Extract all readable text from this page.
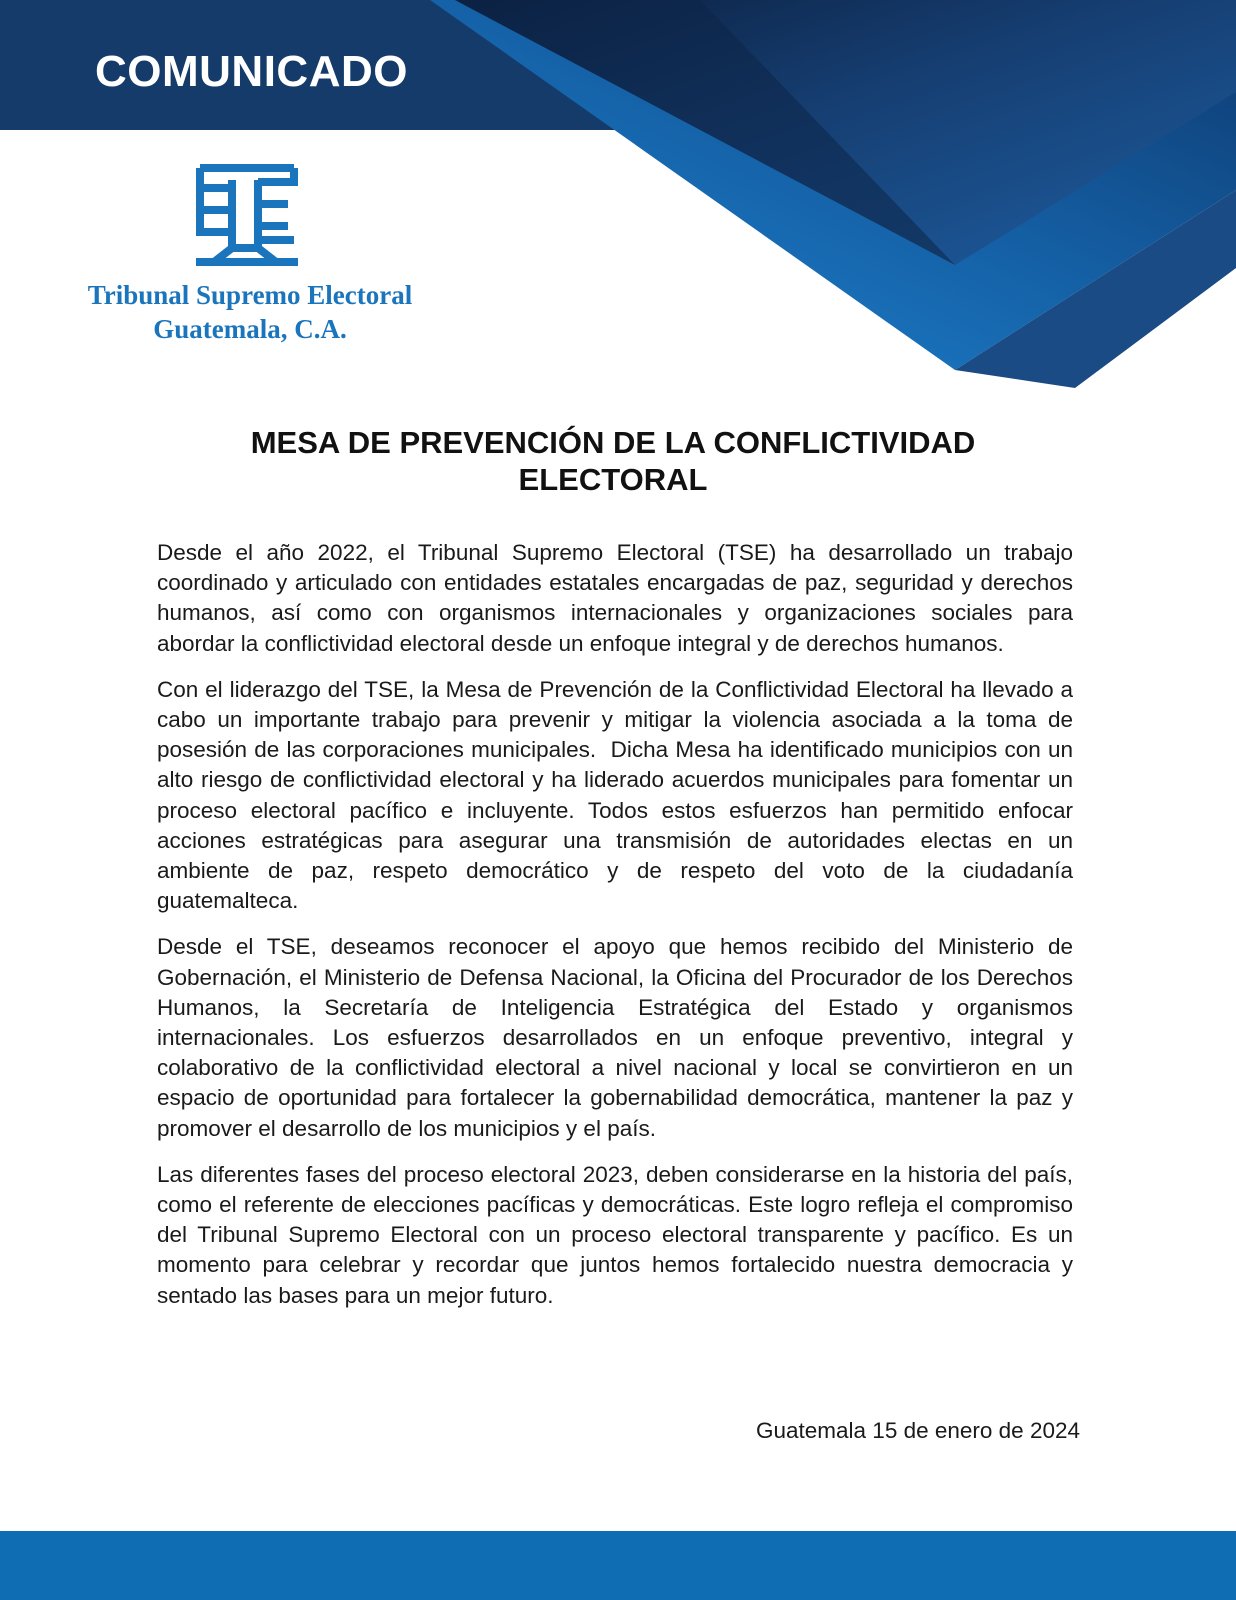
COMUNICADO
Tribunal Supremo Electoral
Guatemala, C.A.
MESA DE PREVENCIÓN DE LA CONFLICTIVIDAD
ELECTORAL

Desde el año 2022, el Tribunal Supremo Electoral (TSE) ha desarrollado un trabajo coordinado y articulado con entidades estatales encargadas de paz, seguridad y derechos humanos, así como con organismos internacionales y organizaciones sociales para abordar la conflictividad electoral desde un enfoque integral y de derechos humanos.

Con el liderazgo del TSE, la Mesa de Prevención de la Conflictividad Electoral ha llevado a cabo un importante trabajo para prevenir y mitigar la violencia asociada a la toma de posesión de las corporaciones municipales.  Dicha Mesa ha identificado municipios con un alto riesgo de conflictividad electoral y ha liderado acuerdos municipales para fomentar un proceso electoral pacífico e incluyente. Todos estos esfuerzos han permitido enfocar acciones estratégicas para asegurar una transmisión de autoridades electas en un ambiente de paz, respeto democrático y de respeto del voto de la ciudadanía guatemalteca.

Desde el TSE, deseamos reconocer el apoyo que hemos recibido del Ministerio de Gobernación, el Ministerio de Defensa Nacional, la Oficina del Procurador de los Derechos Humanos, la Secretaría de Inteligencia Estratégica del Estado y organismos internacionales. Los esfuerzos desarrollados en un enfoque preventivo, integral y colaborativo de la conflictividad electoral a nivel nacional y local se convirtieron en un espacio de oportunidad para fortalecer la gobernabilidad democrática, mantener la paz y promover el desarrollo de los municipios y el país.

Las diferentes fases del proceso electoral 2023, deben considerarse en la historia del país, como el referente de elecciones pacíficas y democráticas. Este logro refleja el compromiso del Tribunal Supremo Electoral con un proceso electoral transparente y pacífico. Es un momento para celebrar y recordar que juntos hemos fortalecido nuestra democracia y sentado las bases para un mejor futuro.

Guatemala 15 de enero de 2024
